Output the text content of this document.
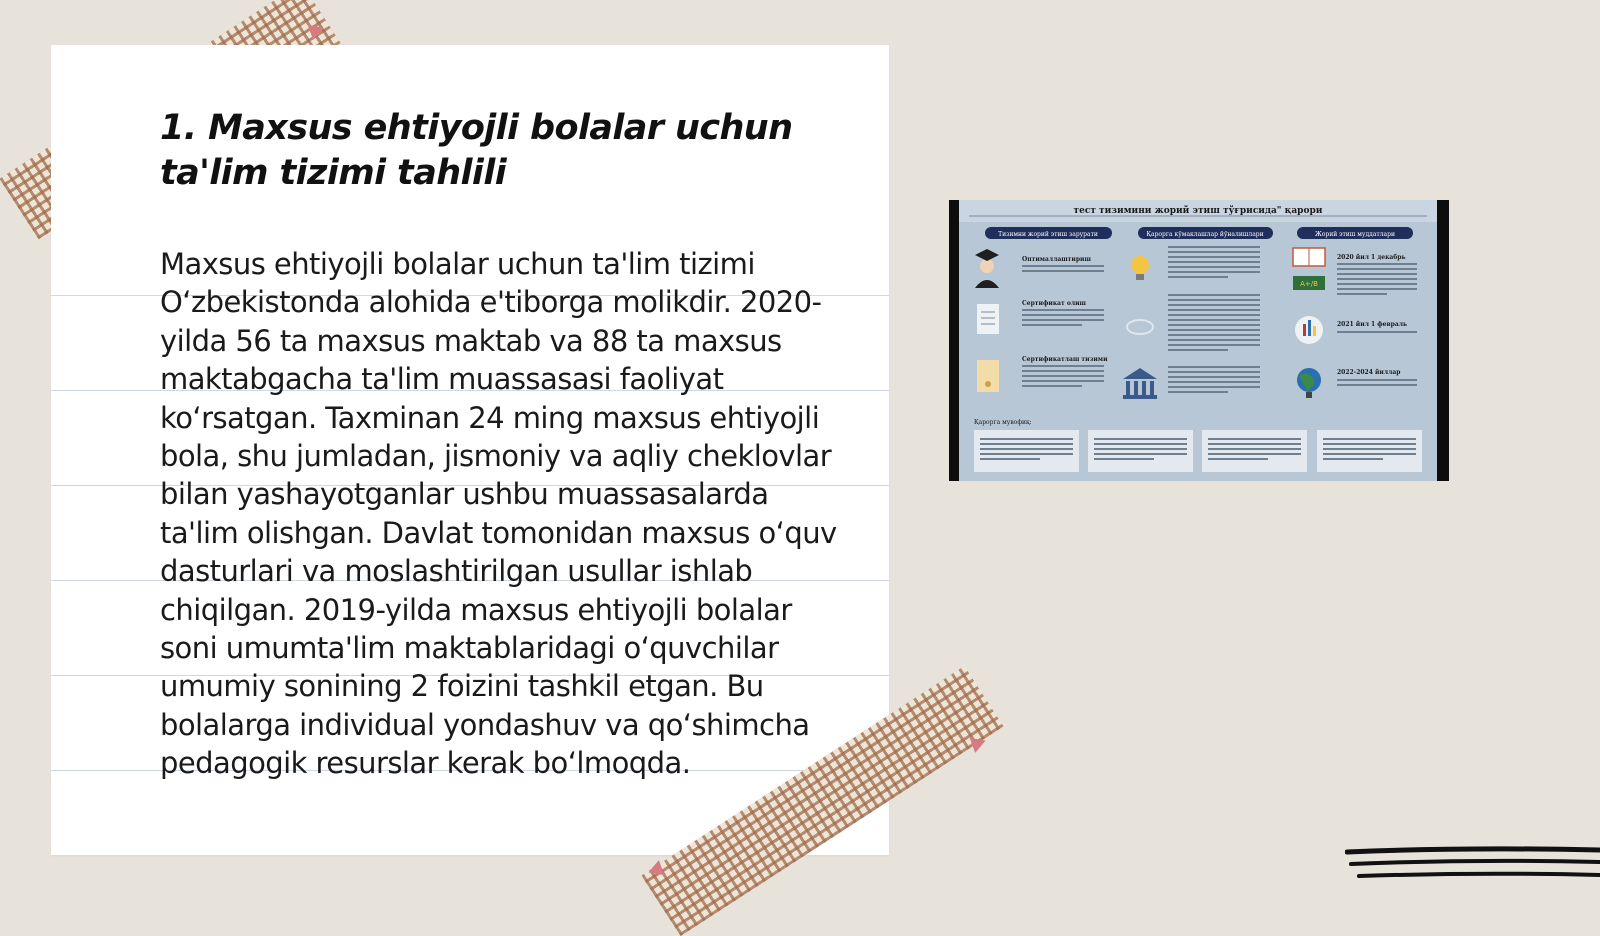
1. Maxsus ehtiyojli bolalar uchun ta'lim tizimi tahlili

Maxsus ehtiyojli bolalar uchun ta'lim tizimi O‘zbekistonda alohida e'tiborga molikdir. 2020-yilda 56 ta maxsus maktab va 88 ta maxsus maktabgacha ta'lim muassasasi faoliyat ko‘rsatgan. Taxminan 24 ming maxsus ehtiyojli bola, shu jumladan, jismoniy va aqliy cheklovlar bilan yashayotganlar ushbu muassasalarda ta'lim olishgan. Davlat tomonidan maxsus o‘quv dasturlari va moslashtirilgan usullar ishlab chiqilgan. 2019-yilda maxsus ehtiyojli bolalar soni umumta'lim maktablaridagi o‘quvchilar umumiy sonining 2 foizini tashkil etgan. Bu bolalarga individual yondashuv va qo‘shimcha pedagogik resurslar kerak bo‘lmoqda.

тест тизимини жорий этиш тўғрисида" қарори
Тизимни жорий этиш зарурати	Қарорга кўмаклашлар йўналишлари	Жорий этиш муддатлари
Оптималлаштириш
Сертификат олиш
Сертификатлаш тизими
A+/B
2020 йил 1 декабрь
2021 йил 1 февраль
2022-2024 йиллар
Қарорга мувофиқ:
